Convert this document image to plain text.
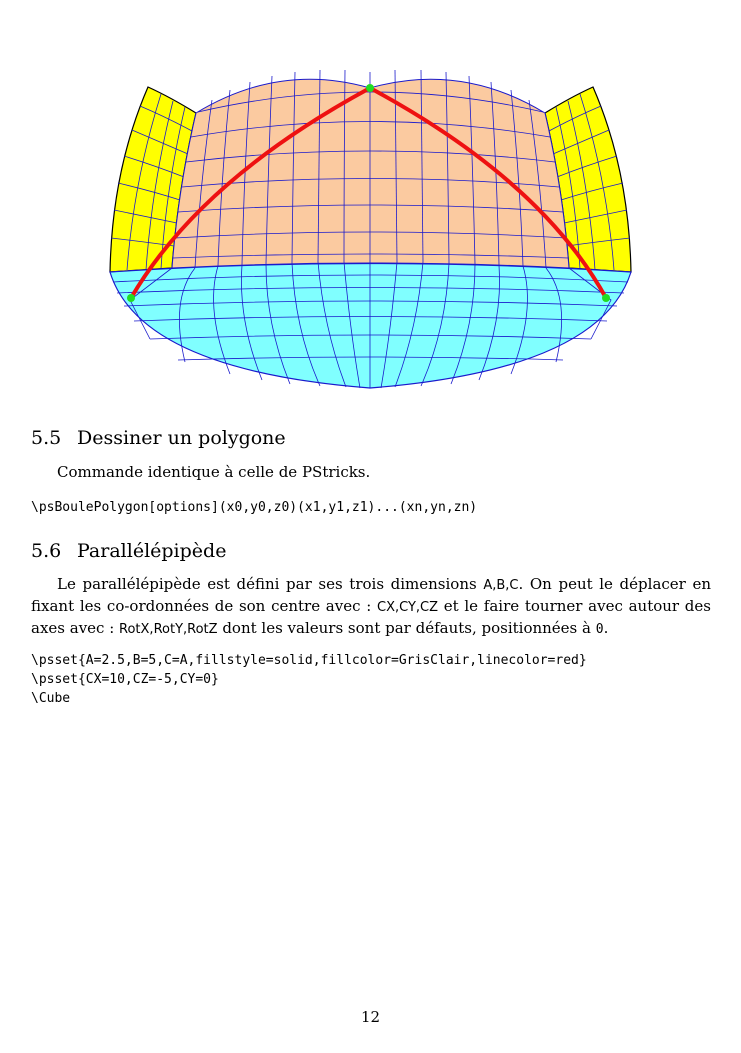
5.5 Dessiner un polygone

Commande identique à celle de PStricks.

\psBoulePolygon[options](x0,y0,z0)(x1,y1,z1)...(xn,yn,zn)
5.6 Parallélépipède

Le parallélépipède est défini par ses trois dimensions A,B,C. On peut le déplacer en fixant les co-ordonnées de son centre avec : CX,CY,CZ et le faire tourner avec autour des axes avec : RotX,RotY,RotZ dont les valeurs sont par défauts, positionnées à 0.

\psset{A=2.5,B=5,C=A,fillstyle=solid,fillcolor=GrisClair,linecolor=red}
\psset{CX=10,CZ=-5,CY=0}
\Cube
12
